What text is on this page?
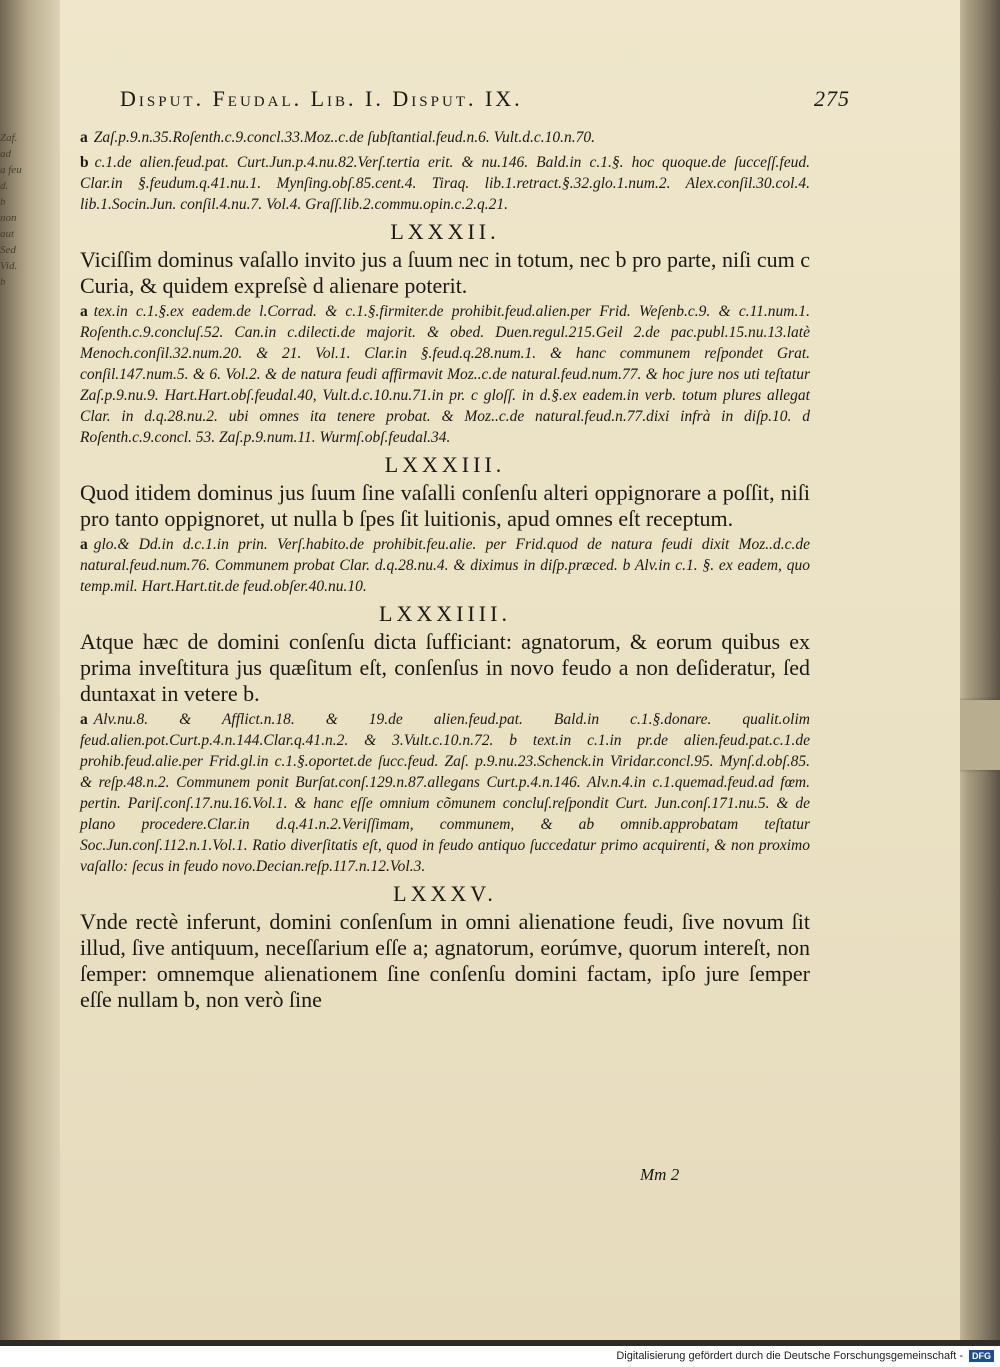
Disput. Feudal. Lib. I. Disput. IX.	275

a Zaſ.p.9.n.35.Roſenth.c.9.concl.33.Moz..c.de ſubſtantial.feud.n.6. Vult.d.c.10.n.70.

b c.1.de alien.feud.pat. Curt.Jun.p.4.nu.82.Verſ.tertia erit. & nu.146. Bald.in c.1.§. hoc quoque.de ſucceſſ.feud. Clar.in §.feudum.q.41.nu.1. Mynſing.obſ.85.cent.4. Tiraq. lib.1.retract.§.32.glo.1.num.2. Alex.conſil.30.col.4. lib.1.Socin.Jun. conſil.4.nu.7. Vol.4. Graſſ.lib.2.commu.opin.c.2.q.21.

LXXXII.

Viciſſim dominus vaſallo invito jus a ſuum nec in totum, nec b pro parte, niſi cum c Curia, & quidem expreſsè d alienare poterit.

a tex.in c.1.§.ex eadem.de l.Corrad. & c.1.§.firmiter.de prohibit.feud.alien.per Frid. Weſenb.c.9. & c.11.num.1. Roſenth.c.9.concluſ.52. Can.in c.dilecti.de majorit. & obed. Duen.regul.215.Geil 2.de pac.publ.15.nu.13.latè Menoch.conſil.32.num.20. & 21. Vol.1. Clar.in §.feud.q.28.num.1. & hanc communem reſpondet Grat. conſil.147.num.5. & 6. Vol.2. & de natura feudi affirmavit Moz..c.de natural.feud.num.77. & hoc jure nos uti teſtatur Zaſ.p.9.nu.9. Hart.Hart.obſ.feudal.40, Vult.d.c.10.nu.71.in pr. c gloſſ. in d.§.ex eadem.in verb. totum plures allegat Clar. in d.q.28.nu.2. ubi omnes ita tenere probat. & Moz..c.de natural.feud.n.77.dixi infrà in diſp.10. d Roſenth.c.9.concl. 53. Zaſ.p.9.num.11. Wurmſ.obſ.feudal.34.

LXXXIII.

Quod itidem dominus jus ſuum ſine vaſalli conſenſu alteri oppignorare a poſſit, niſi pro tanto oppignoret, ut nulla b ſpes ſit luitionis, apud omnes eſt receptum.

a glo.& Dd.in d.c.1.in prin. Verſ.habito.de prohibit.feu.alie. per Frid.quod de natura feudi dixit Moz..d.c.de natural.feud.num.76. Communem probat Clar. d.q.28.nu.4. & diximus in diſp.præced. b Alv.in c.1. §. ex eadem, quo temp.mil. Hart.Hart.tit.de feud.obſer.40.nu.10.

LXXXIIII.

Atque hæc de domini conſenſu dicta ſufficiant: agnatorum, & eorum quibus ex prima inveſtitura jus quæſitum eſt, conſenſus in novo feudo a non deſideratur, ſed duntaxat in vetere b.

a Alv.nu.8. & Afflict.n.18. & 19.de alien.feud.pat. Bald.in c.1.§.donare. qualit.olim feud.alien.pot.Curt.p.4.n.144.Clar.q.41.n.2. & 3.Vult.c.10.n.72. b text.in c.1.in pr.de alien.feud.pat.c.1.de prohib.feud.alie.per Frid.gl.in c.1.§.oportet.de ſucc.feud. Zaſ. p.9.nu.23.Schenck.in Viridar.concl.95. Mynſ.d.obſ.85. & reſp.48.n.2. Communem ponit Burſat.conſ.129.n.87.allegans Curt.p.4.n.146. Alv.n.4.in c.1.quemad.feud.ad fœm. pertin. Pariſ.conſ.17.nu.16.Vol.1. & hanc eſſe omnium cõmunem concluſ.reſpondit Curt. Jun.conſ.171.nu.5. & de plano procedere.Clar.in d.q.41.n.2.Veriſſimam, communem, & ab omnib.approbatam teſtatur Soc.Jun.conſ.112.n.1.Vol.1. Ratio diverſitatis eſt, quod in feudo antiquo ſuccedatur primo acquirenti, & non proximo vaſallo: ſecus in feudo novo.Decian.reſp.117.n.12.Vol.3.

LXXXV.

Vnde rectè inferunt, domini conſenſum in omni alienatione feudi, ſive novum ſit illud, ſive antiquum, neceſſarium eſſe a; agnatorum, eorúmve, quorum intereſt, non ſemper: omnemque alienationem ſine conſenſu domini factam, ipſo jure ſemper eſſe nullam b, non verò ſine

Mm 2
Zaf.
ad
a feu
d.
b
non
aut
Sed
Vid.
b
Digitalisierung gefördert durch die Deutsche Forschungsgemeinschaft - DFG
